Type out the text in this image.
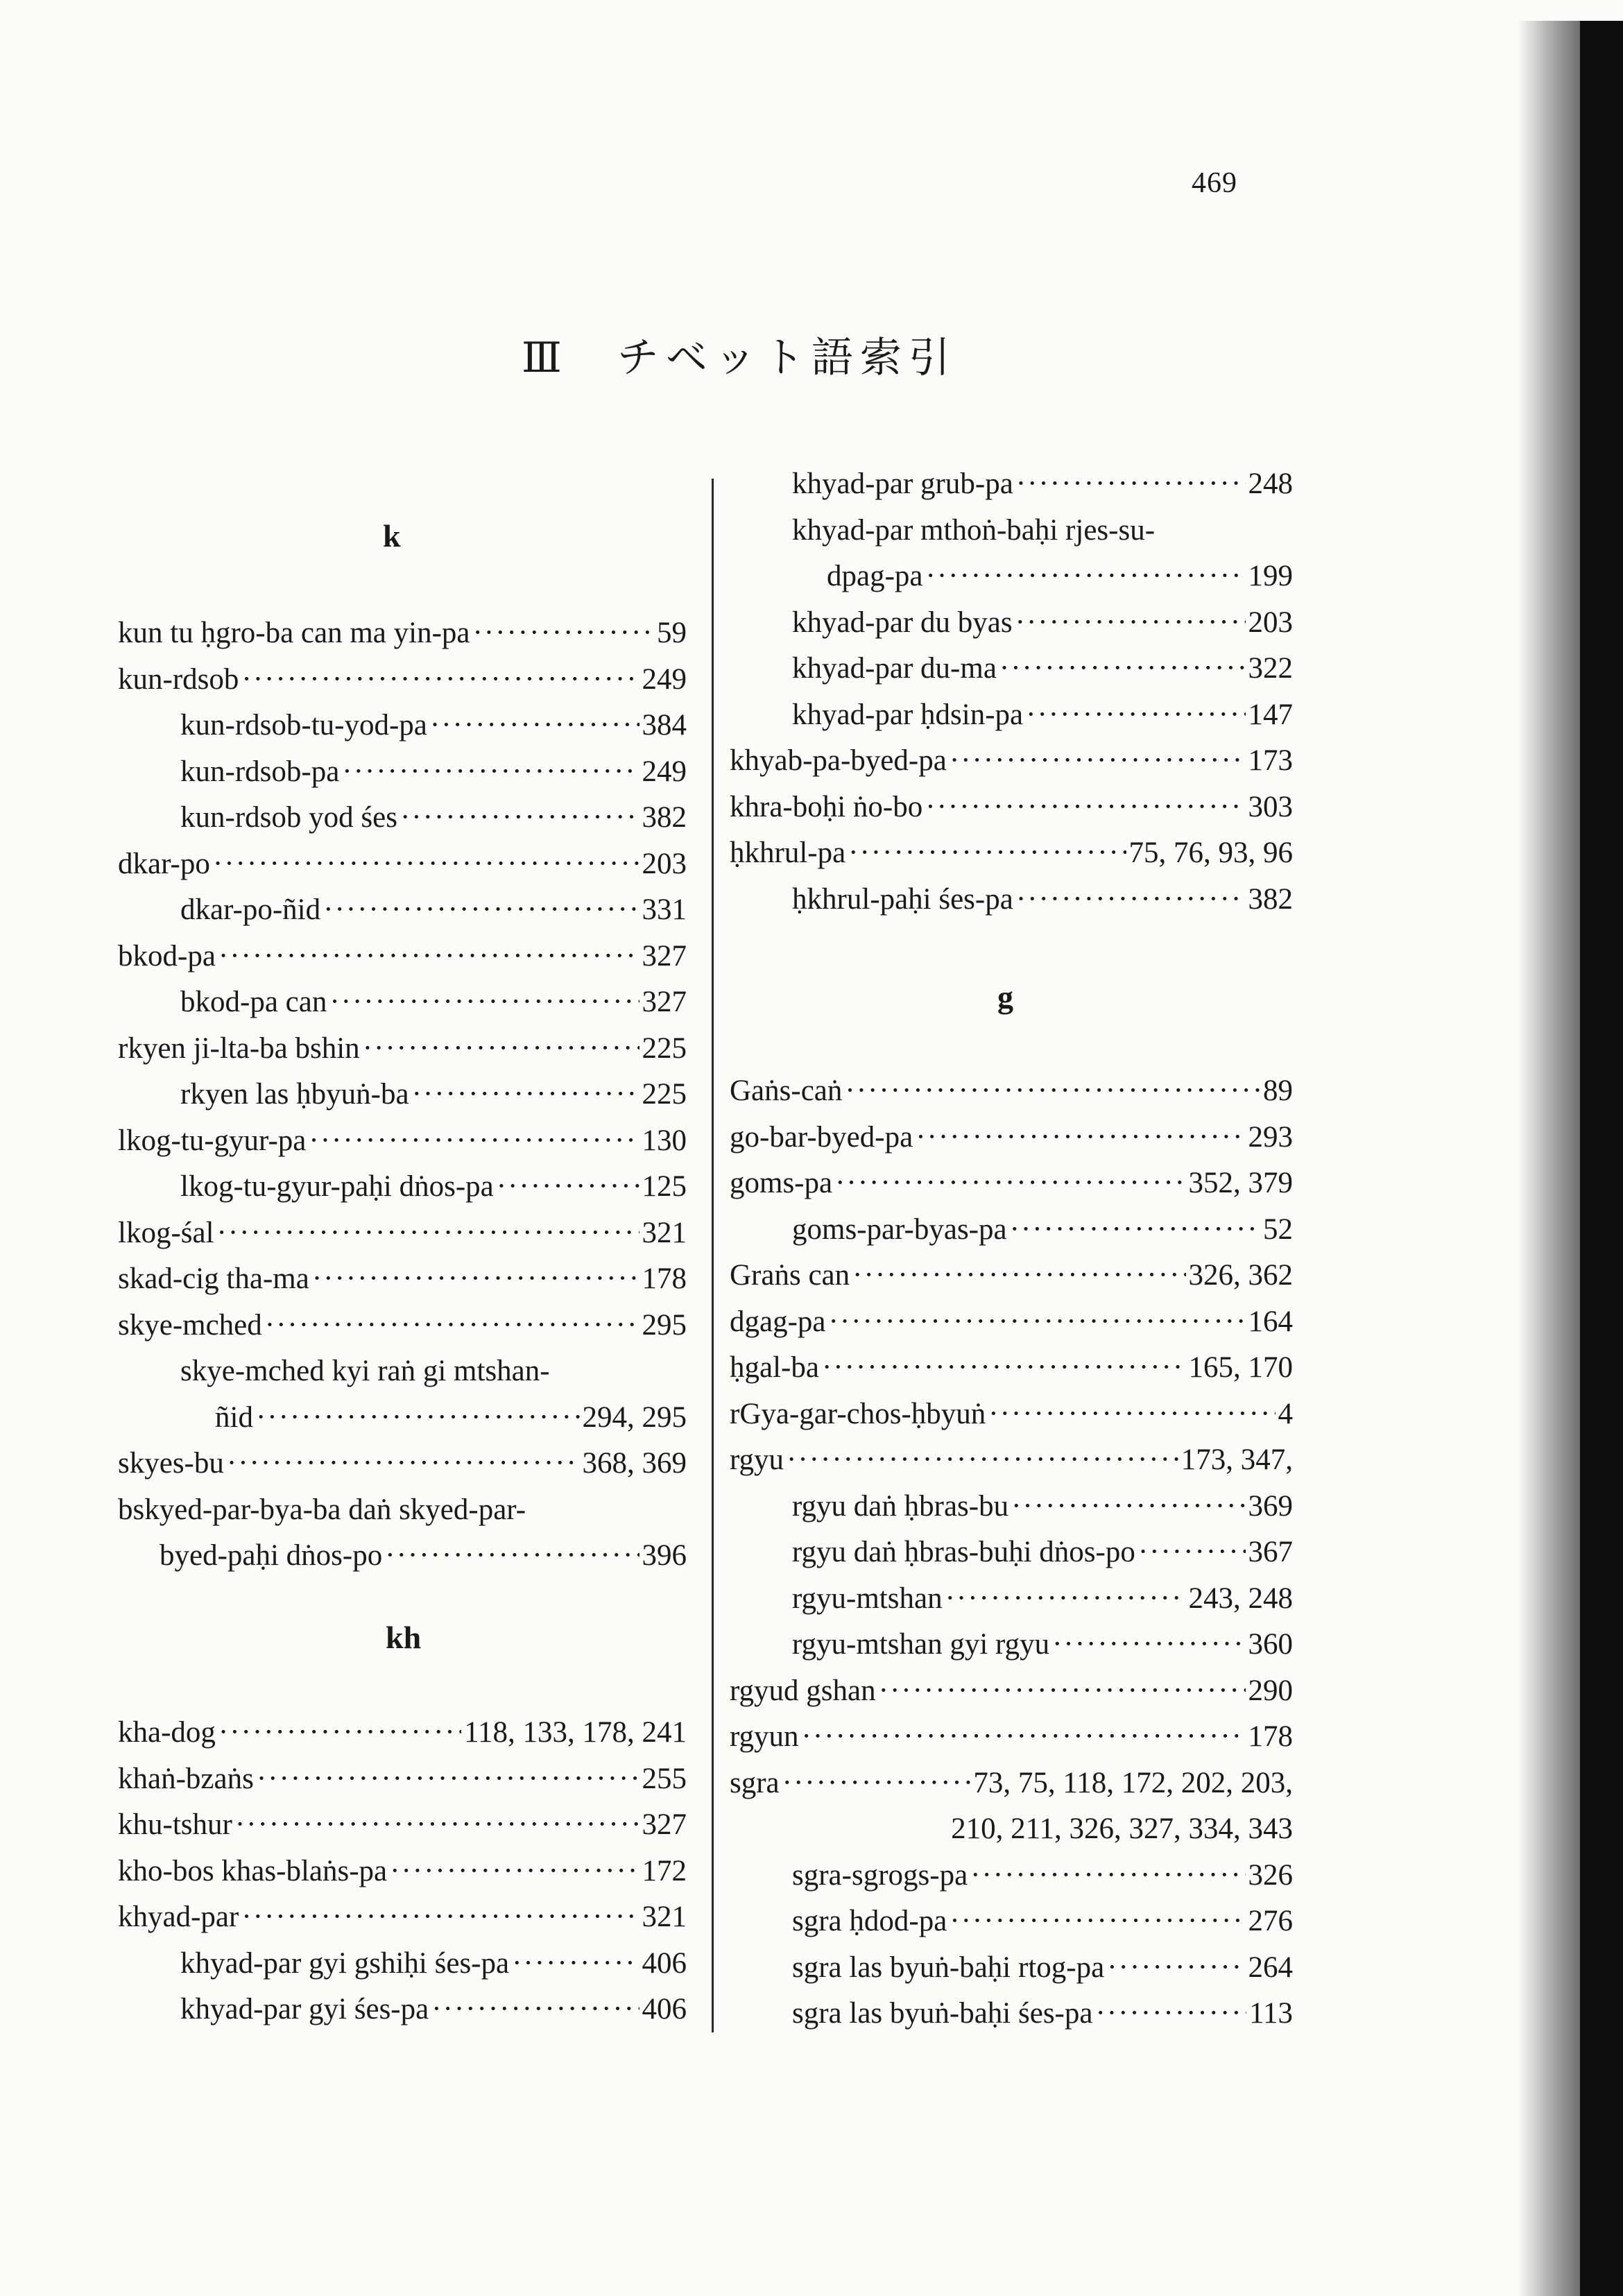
469
Ⅲ　チベット語索引
k
kun tu ḥgro-ba can ma yin-pa ·····	59
kun-rdsob ·····	249
kun-rdsob-tu-yod-pa ·····	384
kun-rdsob-pa ·····	249
kun-rdsob yod śes ·····	382
dkar-po ·····	203
dkar-po-ñid ·····	331
bkod-pa ·····	327
bkod-pa can ·····	327
rkyen ji-lta-ba bshin ·····	225
rkyen las ḥbyuṅ-ba ·····	225
lkog-tu-gyur-pa ·····	130
lkog-tu-gyur-paḥi dṅos-pa ·····	125
lkog-śal ·····	321
skad-cig tha-ma ·····	178
skye-mched ·····	295
skye-mched kyi raṅ gi mtshan-
ñid ·····	294, 295
skyes-bu ·····	368, 369
bskyed-par-bya-ba daṅ skyed-par-
byed-paḥi dṅos-po ·····	396
kh
kha-dog ·····	118, 133, 178, 241
khaṅ-bzaṅs ·····	255
khu-tshur ·····	327
kho-bos khas-blaṅs-pa ·····	172
khyad-par ·····	321
khyad-par gyi gshiḥi śes-pa ·····	406
khyad-par gyi śes-pa ·····	406
khyad-par grub-pa ·····	248
khyad-par mthoṅ-baḥi rjes-su-
dpag-pa ·····	199
khyad-par du byas ·····	203
khyad-par du-ma ·····	322
khyad-par ḥdsin-pa ·····	147
khyab-pa-byed-pa ·····	173
khra-boḥi ṅo-bo ·····	303
ḥkhrul-pa ·····	75, 76, 93, 96
ḥkhrul-paḥi śes-pa ·····	382
g
Gaṅs-caṅ ·····	89
go-bar-byed-pa ·····	293
goms-pa ·····	352, 379
goms-par-byas-pa ·····	52
Graṅs can ·····	326, 362
dgag-pa ·····	164
ḥgal-ba ·····	165, 170
rGya-gar-chos-ḥbyuṅ ·····	4
rgyu ·····	173, 347,
rgyu daṅ ḥbras-bu ·····	369
rgyu daṅ ḥbras-buḥi dṅos-po ·····	367
rgyu-mtshan ·····	243, 248
rgyu-mtshan gyi rgyu ·····	360
rgyud gshan ·····	290
rgyun ·····	178
sgra ·····	73, 75, 118, 172, 202, 203,
210, 211, 326, 327, 334, 343
sgra-sgrogs-pa ·····	326
sgra ḥdod-pa ·····	276
sgra las byuṅ-baḥi rtog-pa ·····	264
sgra las byuṅ-baḥi śes-pa ·····	113
